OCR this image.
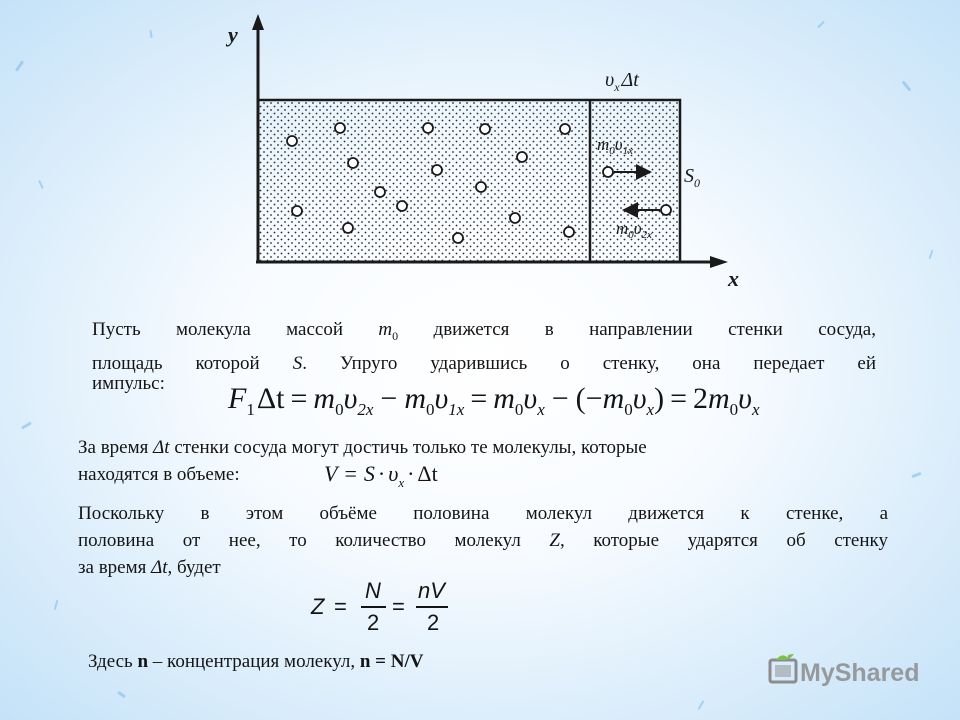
y
x
$\upsilon_x$ Δt
$S_0$
$m_0\upsilon_{1x}$
$m_0\upsilon_{2x}$
Пусть молекула массой $m_0$ движется в направлении стенки сосуда,
площадь которой S. Упруго ударившись о стенку, она передает ей
импульс: $F_1\Delta t = m_0\upsilon_{2x} - m_0\upsilon_{1x} = m_0\upsilon_x - (-m_0\upsilon_x) = 2m_0\upsilon_x$
За время Δt стенки сосуда могут достичь только те молекулы, которые
находятся в объеме:	$V = S \cdot \upsilon_x \cdot \Delta t$
Поскольку в этом объёме половина молекул движется к стенке, а
половина от нее, то количество молекул Z, которые ударятся об стенку
за время Δt, будет
Z =
N
2
=
nV
2
Здесь n – концентрация молекул, n = N/V	MyShared
